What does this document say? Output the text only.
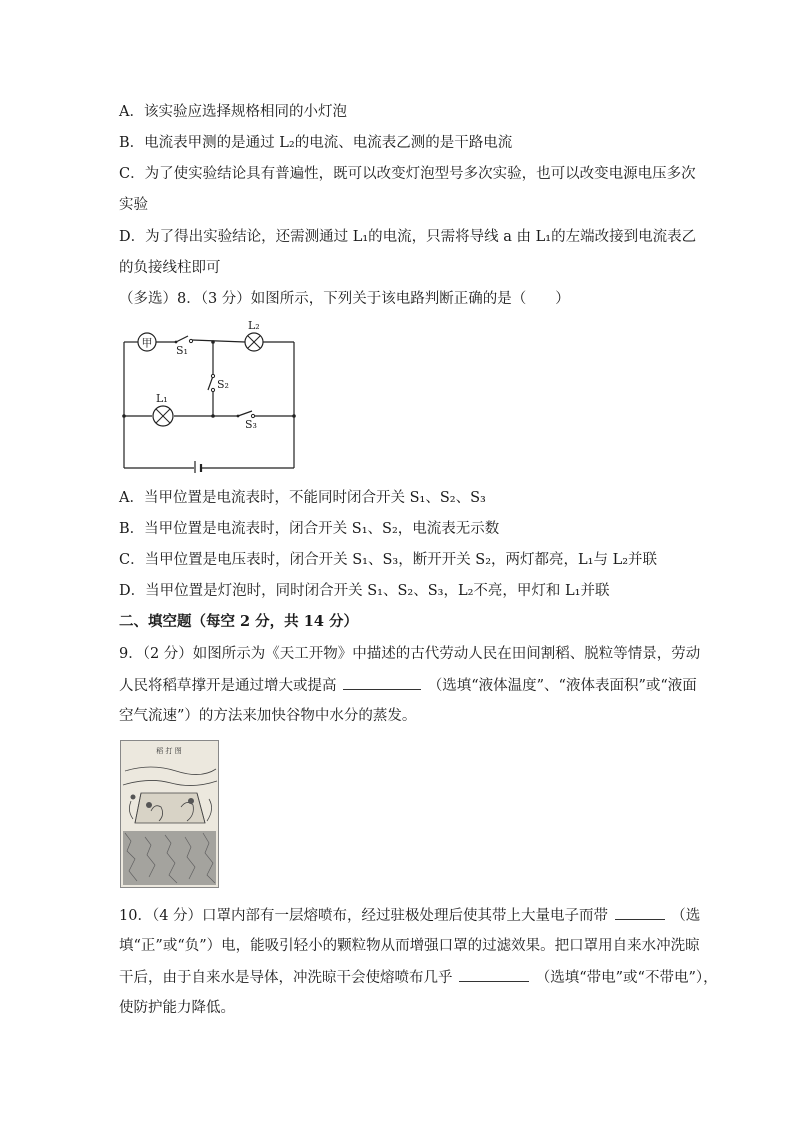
A．该实验应选择规格相同的小灯泡
B．电流表甲测的是通过 L₂的电流、电流表乙测的是干路电流
C．为了使实验结论具有普遍性，既可以改变灯泡型号多次实验，也可以改变电源电压多次
实验
D．为了得出实验结论，还需测通过 L₁的电流，只需将导线 a 由 L₁的左端改接到电流表乙
的负接线柱即可
（多选）8．（3 分）如图所示，下列关于该电路判断正确的是（　　）
甲
S₁
S₂
S₃
L₁
L₂
A．当甲位置是电流表时，不能同时闭合开关 S₁、S₂、S₃
B．当甲位置是电流表时，闭合开关 S₁、S₂，电流表无示数
C．当甲位置是电压表时，闭合开关 S₁、S₃，断开开关 S₂，两灯都亮，L₁与 L₂并联
D．当甲位置是灯泡时，同时闭合开关 S₁、S₂、S₃，L₂不亮，甲灯和 L₁并联
二、填空题（每空 2 分，共 14 分）
9．（2 分）如图所示为《天工开物》中描述的古代劳动人民在田间割稻、脱粒等情景，劳动
人民将稻草撑开是通过增大或提高	（选填“液体温度”、“液体表面积”或“液面
空气流速”）的方法来加快谷物中水分的蒸发。
稻 打 图
10．（4 分）口罩内部有一层熔喷布，经过驻极处理后使其带上大量电子而带	（选
填“正”或“负”）电，能吸引轻小的颗粒物从而增强口罩的过滤效果。把口罩用自来水冲洗晾
干后，由于自来水是导体，冲洗晾干会使熔喷布几乎	（选填“带电”或“不带电”），
使防护能力降低。
